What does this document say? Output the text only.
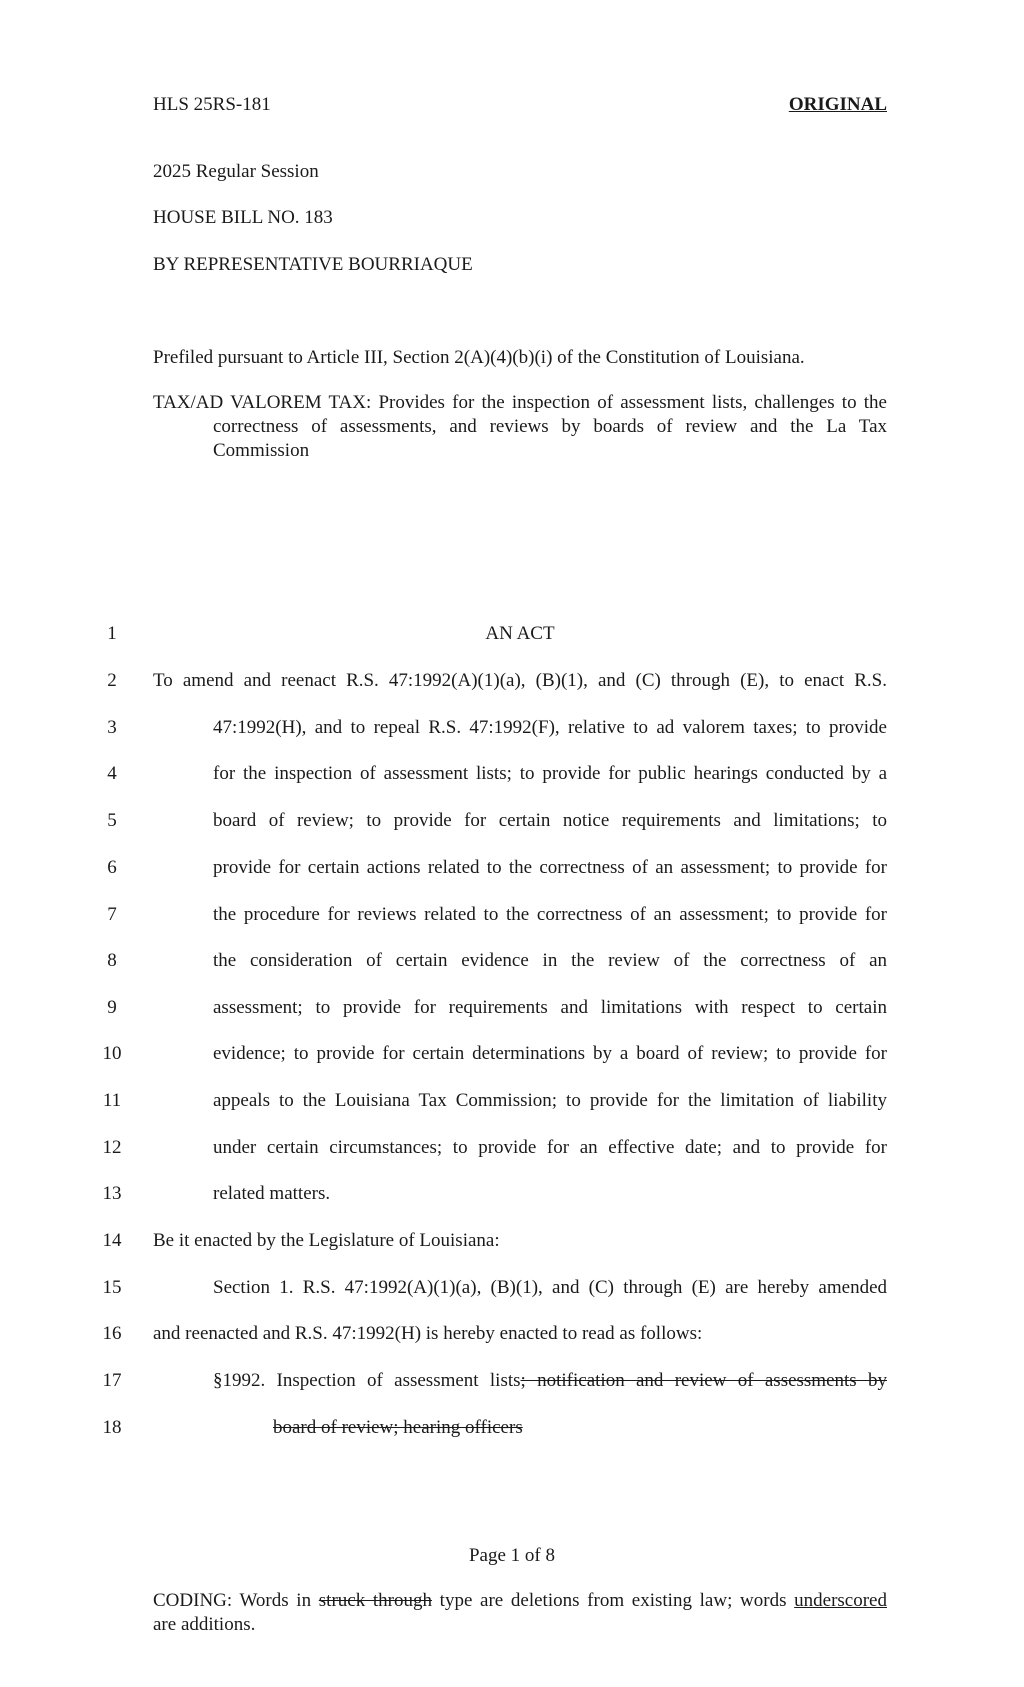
HLS 25RS-181	ORIGINAL
2025 Regular Session
HOUSE BILL NO. 183
BY REPRESENTATIVE BOURRIAQUE
Prefiled pursuant to Article III, Section 2(A)(4)(b)(i) of the Constitution of Louisiana.
TAX/AD VALOREM TAX: Provides for the inspection of assessment lists, challenges to the correctness of assessments, and reviews by boards of review and the La Tax Commission
1	AN ACT
2	To amend and reenact R.S. 47:1992(A)(1)(a), (B)(1), and (C) through (E), to enact R.S.
3	47:1992(H), and to repeal R.S. 47:1992(F), relative to ad valorem taxes; to provide
4	for the inspection of assessment lists; to provide for public hearings conducted by a
5	board of review; to provide for certain notice requirements and limitations; to
6	provide for certain actions related to the correctness of an assessment; to provide for
7	the procedure for reviews related to the correctness of an assessment; to provide for
8	the consideration of certain evidence in the review of the correctness of an
9	assessment; to provide for requirements and limitations with respect to certain
10	evidence; to provide for certain determinations by a board of review; to provide for
11	appeals to the Louisiana Tax Commission; to provide for the limitation of liability
12	under certain circumstances; to provide for an effective date; and to provide for
13	related matters.
14	Be it enacted by the Legislature of Louisiana:
15	Section 1. R.S. 47:1992(A)(1)(a), (B)(1), and (C) through (E) are hereby amended
16	and reenacted and R.S. 47:1992(H) is hereby enacted to read as follows:
17	§1992. Inspection of assessment lists; notification and review of assessments by
18	board of review; hearing officers
Page 1 of 8
CODING: Words in struck through type are deletions from existing law; words underscored
are additions.
